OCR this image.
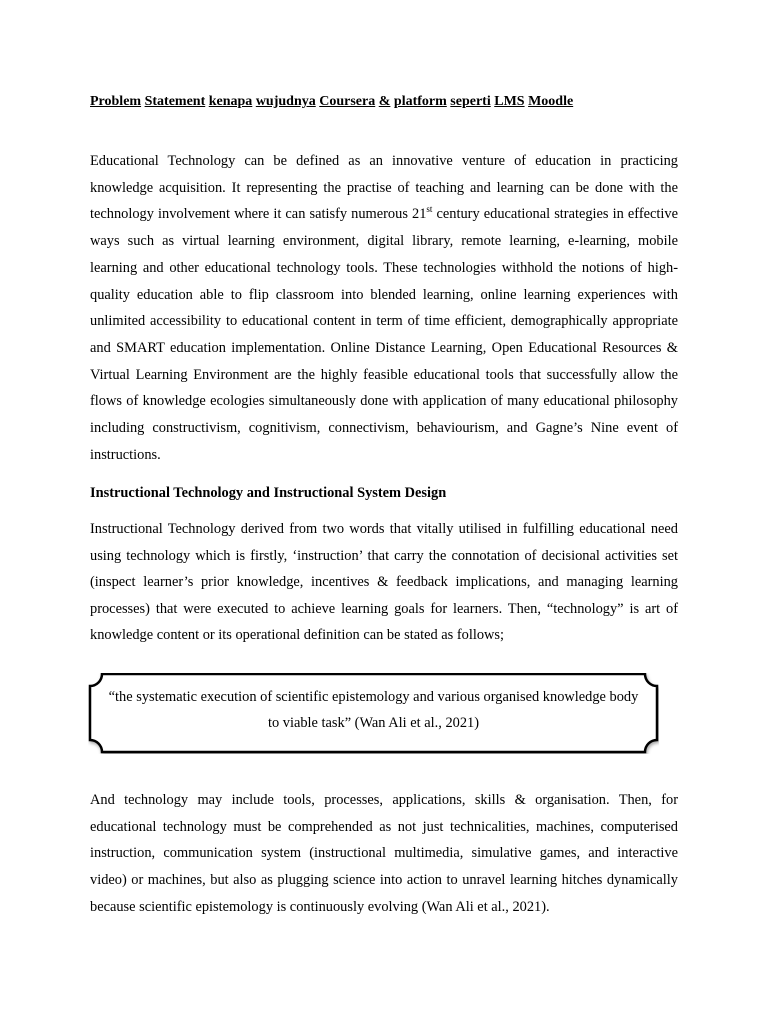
Problem Statement kenapa wujudnya Coursera & platform seperti LMS Moodle

Educational Technology can be defined as an innovative venture of education in practicing knowledge acquisition. It representing the practise of teaching and learning can be done with the technology involvement where it can satisfy numerous 21st century educational strategies in effective ways such as virtual learning environment, digital library, remote learning, e-learning, mobile learning and other educational technology tools. These technologies withhold the notions of high-quality education able to flip classroom into blended learning, online learning experiences with unlimited accessibility to educational content in term of time efficient, demographically appropriate and SMART education implementation. Online Distance Learning, Open Educational Resources & Virtual Learning Environment are the highly feasible educational tools that successfully allow the flows of knowledge ecologies simultaneously done with application of many educational philosophy including constructivism, cognitivism, connectivism, behaviourism, and Gagne’s Nine event of instructions.

Instructional Technology and Instructional System Design

Instructional Technology derived from two words that vitally utilised in fulfilling educational need using technology which is firstly, ‘instruction’ that carry the connotation of decisional activities set (inspect learner’s prior knowledge, incentives & feedback implications, and managing learning processes) that were executed to achieve learning goals for learners. Then, “technology” is art of knowledge content or its operational definition can be stated as follows;

And technology may include tools, processes, applications, skills & organisation. Then, for educational technology must be comprehended as not just technicalities, machines, computerised instruction, communication system (instructional multimedia, simulative games, and interactive video) or machines, but also as plugging science into action to unravel learning hitches dynamically because scientific epistemology is continuously evolving (Wan Ali et al., 2021).

“the systematic execution of scientific epistemology and various organised knowledge body to viable task” (Wan Ali et al., 2021)
